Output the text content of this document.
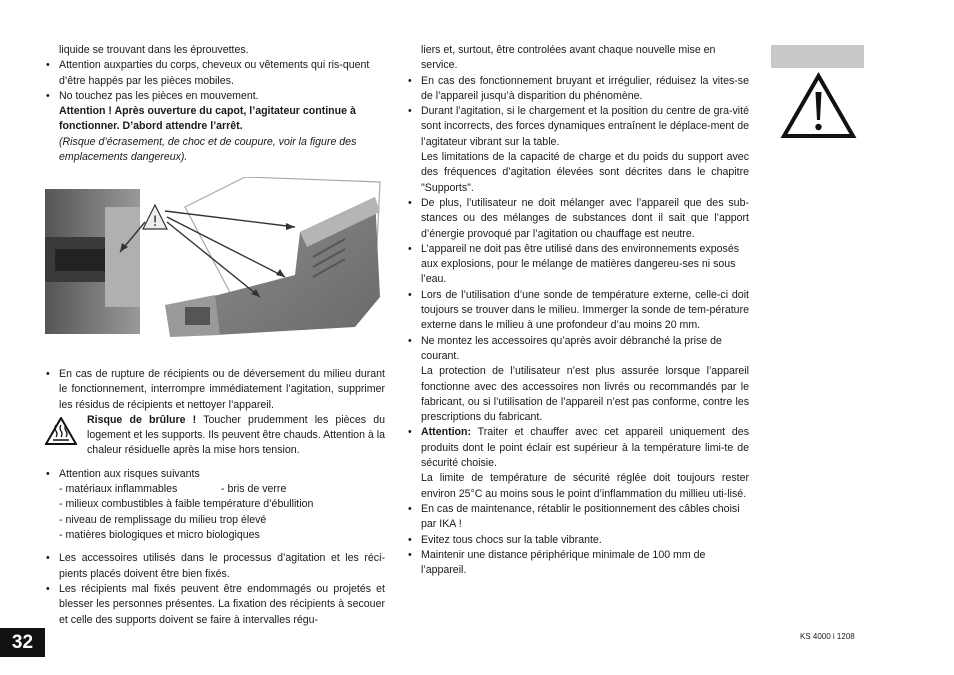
liquide se trouvant dans les éprouvettes.

• Attention auxparties du corps, cheveux ou vêtements qui ris-quent d’être happés par les pièces mobiles.

• No touchez pas les pièces en mouvement.

Attention ! Après ouverture du capot, l’agitateur continue à fonctionner. D’abord attendre l’arrêt.

(Risque d’écrasement, de choc et de coupure, voir la figure des emplacements dangereux).

!

• En cas de rupture de récipients ou de déversement du milieu durant le fonctionnement, interrompre immédiatement l’agitation, supprimer les résidus de récipients et nettoyer l’appareil.

Risque de brûlure ! Toucher prudemment les pièces du logement et les supports. Ils peuvent être chauds. Attention à la chaleur résiduelle après la mise hors tension.

• Attention aux risques suivants

- matériaux inflammables	- bris de verre

- milieux combustibles à faible température d’ébullition

- niveau de remplissage du milieu trop élevé

- matières biologiques et micro biologiques

• Les accessoires utilisés dans le processus d’agitation et les réci-pients placés doivent être bien fixés.

• Les récipients mal fixés peuvent être endommagés ou projetés et blesser les personnes présentes. La fixation des récipients à secouer et celle des supports doivent se faire à intervalles régu-

liers et, surtout, être controlées avant chaque nouvelle mise en service.

• En cas des fonctionnement bruyant et irrégulier, réduisez la vites-se de l’appareil jusqu’à disparition du phénomène.

• Durant l’agitation, si le chargement et la position du centre de gra-vité sont incorrects, des forces dynamiques entraînent le déplace-ment de l’agitateur vibrant sur la table.

Les limitations de la capacité de charge et du poids du support avec des fréquences d’agitation élevées sont décrites dans le chapitre "Supports".

• De plus, l’utilisateur ne doit mélanger avec l’appareil que des sub-stances ou des mélanges de substances dont il sait que l’apport d’énergie provoqué par l’agitation ou chauffage est neutre.

• L’appareil ne doit pas être utilisé dans des environnements exposés aux explosions, pour le mélange de matières dangereu-ses ni sous l’eau.

• Lors de l’utilisation d’une sonde de température externe, celle-ci doit toujours se trouver dans le milieu. Immerger la sonde de tem-pérature externe dans le milieu à une profondeur d’au moins 20 mm.

• Ne montez les accessoires qu’après avoir débranché la prise de courant.

La protection de l’utilisateur n’est plus assurée lorsque l’appareil fonctionne avec des accessoires non livrés ou recommandés par le fabricant, ou si l’utilisation de l’appareil n’est pas conforme, contre les prescriptions du fabricant.

• Attention: Traiter et chauffer avec cet appareil uniquement des produits dont le point éclair est supérieur à la température limi-te de sécurité choisie.

La limite de température de sécurité réglée doit toujours rester environ 25°C au moins sous le point d’inflammation du millieu uti-lisé.

• En cas de maintenance, rétablir le positionnement des câbles choisi par IKA !

• Evitez tous chocs sur la table vibrante.

• Maintenir une distance périphérique minimale de 100 mm de l’appareil.

32	KS 4000 i 1208
